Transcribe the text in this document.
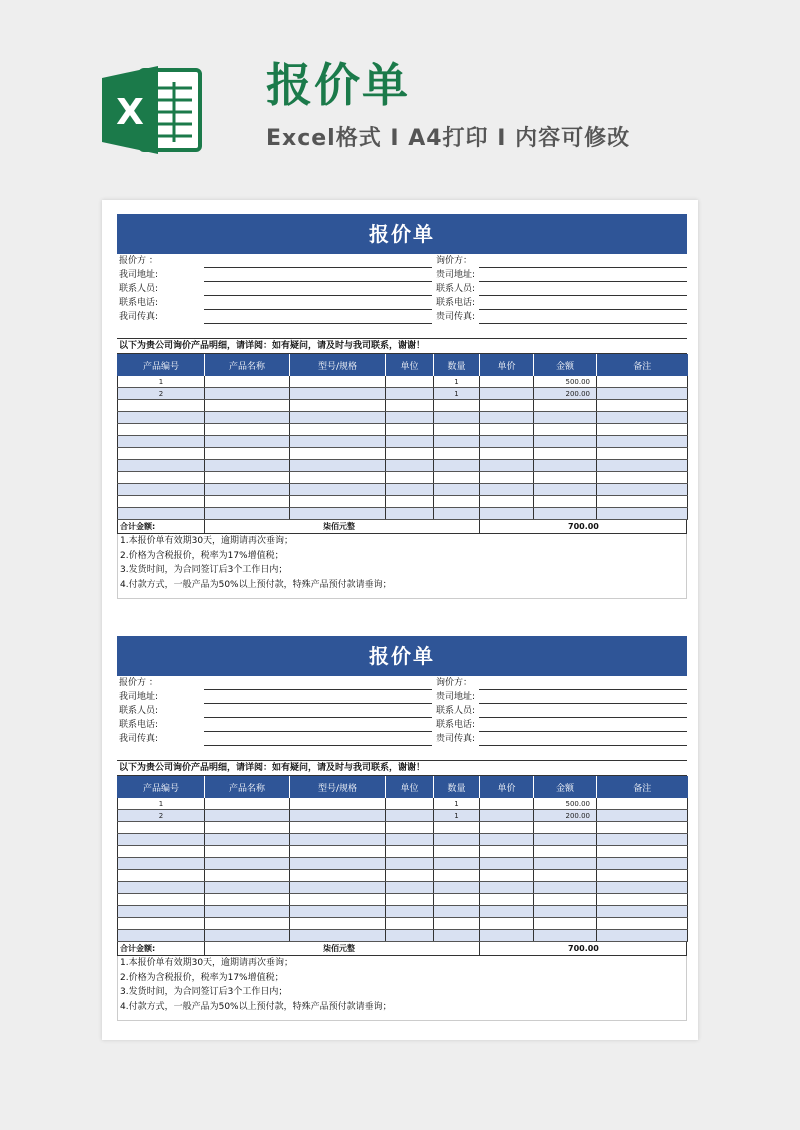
X
报价单
Excel格式 I A4打印 I 内容可修改
报价单
报价方 ：	询价方：
我司地址:	贵司地址:
联系人员:	联系人员:
联系电话:	联系电话:
我司传真:	贵司传真:
以下为贵公司询价产品明细，请详阅：如有疑问，请及时与我司联系，谢谢！
产品编号	产品名称	型号/规格	单位	数量	单价	金额	备注
1				1		500.00	
2				1		200.00	

合计金额:	柒佰元整	700.00
1.本报价单有效期30天，逾期请再次垂询；
2.价格为含税报价，税率为17%增值税；
3.发货时间，为合同签订后3个工作日内；
4.付款方式，一般产品为50%以上预付款，特殊产品预付款请垂询；
报价单
报价方 ：	询价方：
我司地址:	贵司地址:
联系人员:	联系人员:
联系电话:	联系电话:
我司传真:	贵司传真:
以下为贵公司询价产品明细，请详阅：如有疑问，请及时与我司联系，谢谢！
产品编号	产品名称	型号/规格	单位	数量	单价	金额	备注
1				1		500.00	
2				1		200.00	

合计金额:	柒佰元整	700.00
1.本报价单有效期30天，逾期请再次垂询；
2.价格为含税报价，税率为17%增值税；
3.发货时间，为合同签订后3个工作日内；
4.付款方式，一般产品为50%以上预付款，特殊产品预付款请垂询；
